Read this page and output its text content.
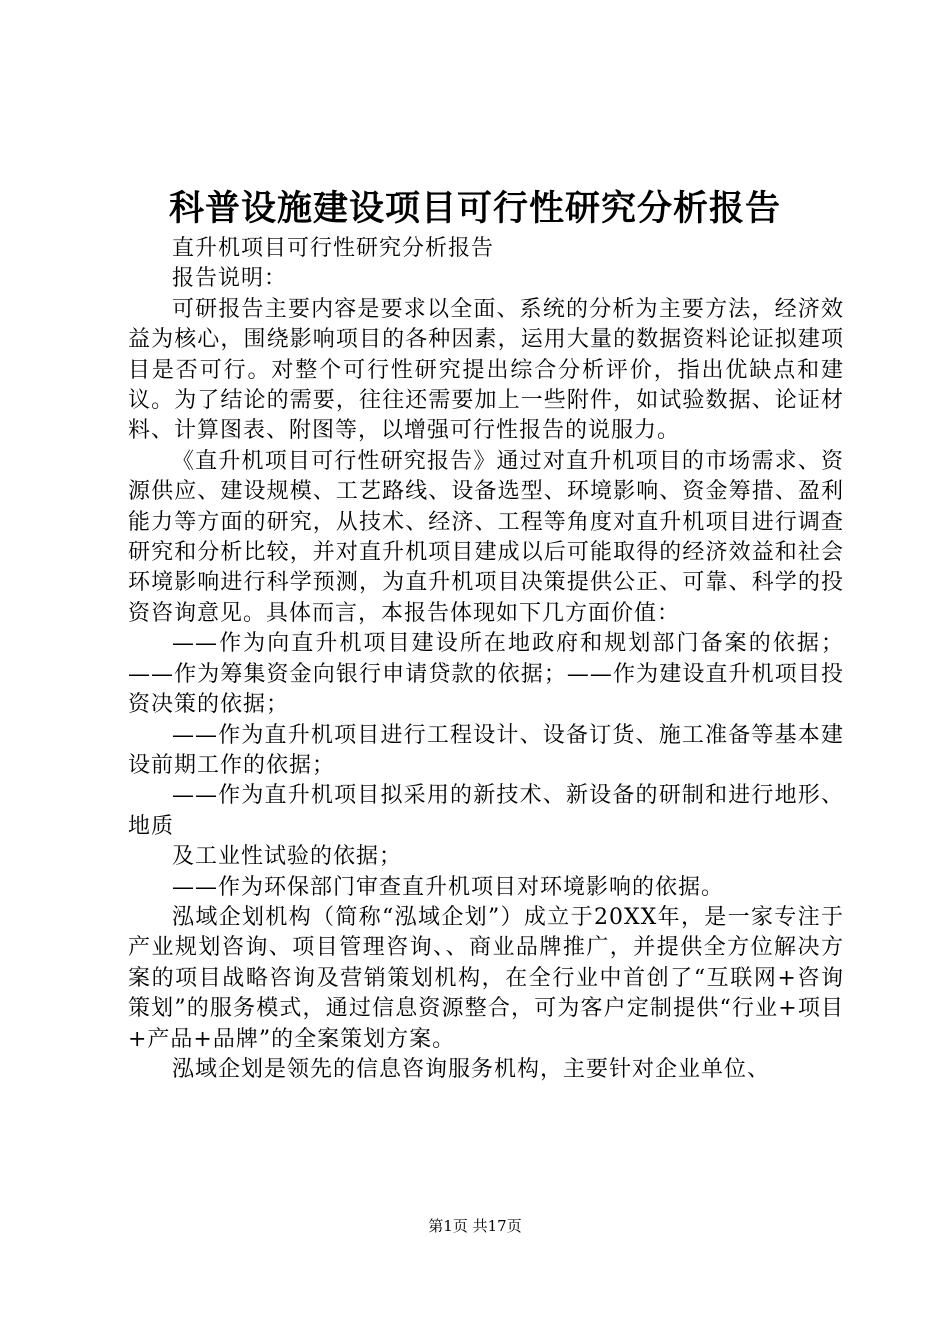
科普设施建设项目可行性研究分析报告

直升机项目可行性研究分析报告

报告说明：

可研报告主要内容是要求以全面、系统的分析为主要方法，经济效益为核心，围绕影响项目的各种因素，运用大量的数据资料论证拟建项目是否可行。对整个可行性研究提出综合分析评价，指出优缺点和建议。为了结论的需要，往往还需要加上一些附件，如试验数据、论证材料、计算图表、附图等，以增强可行性报告的说服力。

《直升机项目可行性研究报告》通过对直升机项目的市场需求、资源供应、建设规模、工艺路线、设备选型、环境影响、资金筹措、盈利能力等方面的研究，从技术、经济、工程等角度对直升机项目进行调查研究和分析比较，并对直升机项目建成以后可能取得的经济效益和社会环境影响进行科学预测，为直升机项目决策提供公正、可靠、科学的投资咨询意见。具体而言，本报告体现如下几方面价值：

——作为向直升机项目建设所在地政府和规划部门备案的依据；——作为筹集资金向银行申请贷款的依据；——作为建设直升机项目投资决策的依据；

——作为直升机项目进行工程设计、设备订货、施工准备等基本建设前期工作的依据；

——作为直升机项目拟采用的新技术、新设备的研制和进行地形、地质

及工业性试验的依据；

——作为环保部门审查直升机项目对环境影响的依据。

泓域企划机构（简称“泓域企划”）成立于20XX年，是一家专注于产业规划咨询、项目管理咨询、、商业品牌推广，并提供全方位解决方案的项目战略咨询及营销策划机构，在全行业中首创了“互联网+咨询策划”的服务模式，通过信息资源整合，可为客户定制提供“行业+项目+产品+品牌”的全案策划方案。

泓域企划是领先的信息咨询服务机构，主要针对企业单位、

第1页 共17页
